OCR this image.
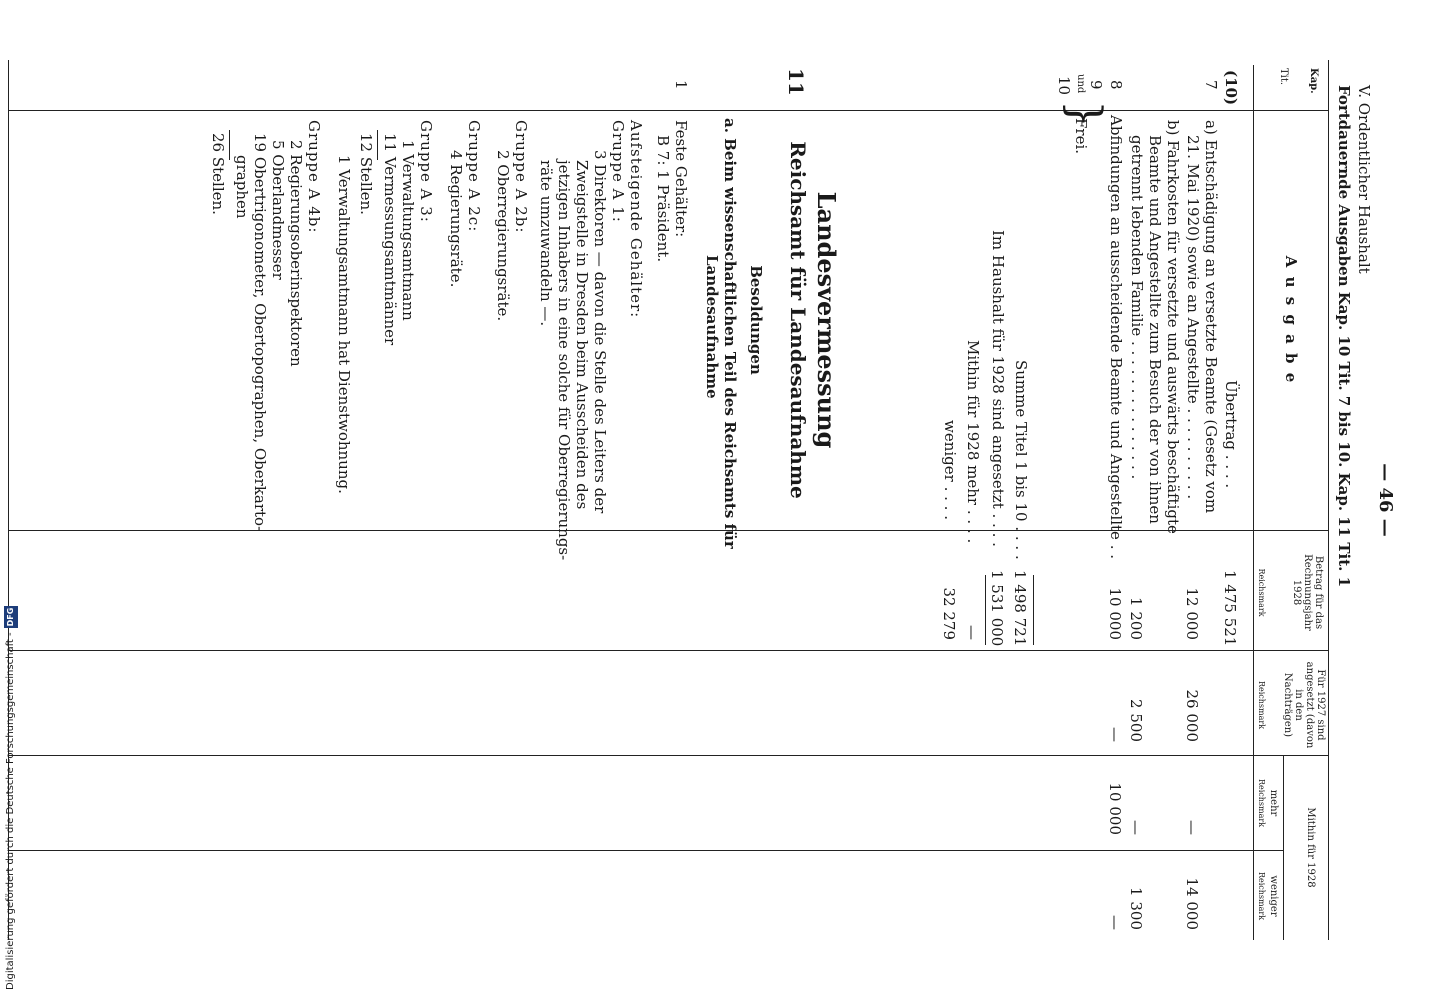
— 46 —
V. Ordentlicher Haushalt
Fortdauernde Ausgaben Kap. 10 Tit. 7 bis 10. Kap. 11 Tit. 1
Kap.
Tit.
A u s g a b e
Betrag für das Rechnungsjahr 1928
Reichsmark
Für 1927 sind angesetzt (davon in den Nachträgen)
Reichsmark
Mithin für 1928
mehr
Reichsmark
weniger
Reichsmark
(10)
Übertrag . . . .
1 475 521
7
a) Entschädigung an versetzte Beamte (Gesetz vom
21. Mai 1920) sowie an Angestellte . . . . . . . . . .
12 000
26 000
—
14 000
b) Fahrkosten für versetzte und auswärts beschäftigte
Beamte und Angestellte zum Besuch der von ihnen
getrennt lebenden Familie . . . . . . . . . . . . . . .
1 200
2 500
—
1 300
8
Abfindungen an ausscheidende Beamte und Angestellte . .
10 000
—
10 000
—
9
und
10
}
Frei.
Summe Titel 1 bis 10 . . . .
1 498 721
Im Haushalt für 1928 sind angesetzt . . . .
1 531 000
Mithin für 1928 mehr . . . .
—
weniger . . . .
32 279
Landesvermessung
Reichsamt für Landesaufnahme
11
Besoldungen
a. Beim wissenschaftlichen Teil des Reichsamts für
Landesaufnahme
1
Feste Gehälter:
B 7: 1 Präsident.
Aufsteigende Gehälter:
Gruppe A 1:
3 Direktoren — davon die Stelle des Leiters der
Zweigstelle in Dresden beim Ausscheiden des
jetzigen Inhabers in eine solche für Oberregierungs-
räte umzuwandeln —.
Gruppe A 2b:
2 Oberregierungsräte.
Gruppe A 2c:
4 Regierungsräte.
Gruppe A 3:
1 Verwaltungsamtmann
11 Vermessungsamtmänner
12 Stellen.
1 Verwaltungsamtmann hat Dienstwohnung.
Gruppe A 4b:
2 Regierungsoberinspektoren
5 Oberlandmesser
19 Obertrigonometer, Obertopographen, Oberkarto-
graphen
26 Stellen.
Digitalisierung gefördert durch die Deutsche Forschungsgemeinschaft -DFG
